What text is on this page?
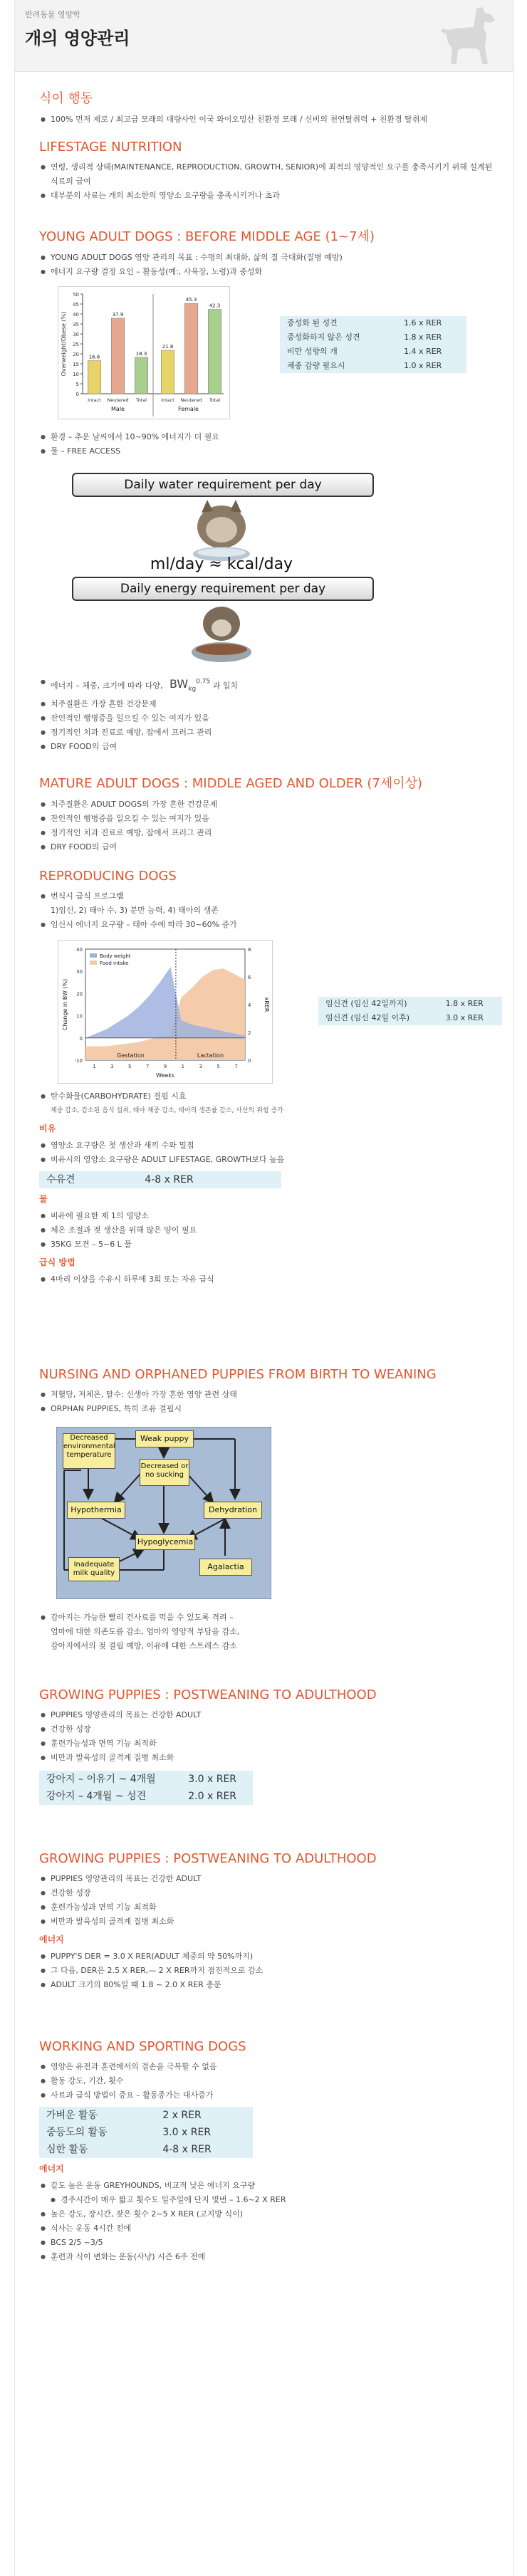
반려동물 영양학
개의 영양관리
식이 행동
● 100% 먼저 제로 / 최고급 모래의 대량사인 이국 와이오밍산 친환경 모래 / 신비의 천연탈취력 + 친환경 탈취제
LIFESTAGE NUTRITION
● 연령, 생리적 상태(MAINTENANCE, REPRODUCTION, GROWTH, SENIOR)에 최적의 영양적인 요구를 충족시키기 위해 설계된 식료의 급여
● 대부분의 사료는 개의 최소한의 영양소 요구량을 충족시키거나 초과
YOUNG ADULT DOGS : BEFORE MIDDLE AGE (1~7세)
● YOUNG ADULT DOGS 영양 관리의 목표 : 수명의 최대화, 삶의 질 극대화(질병 예방)
● 에너지 요구량 결정 요인 – 활동성(예:, 사육장, 노령)과 중성화
0
5
10
15
20
25
30
35
40
45
50
Overweight/Obese (%)	16.6
Intact
37.9
Neutered
18.3
Total
21.8
Intact
45.3
Neutered
42.3
Total
Male	Female
중성화 된 성견	1.6 x RER
중성화하지 않은 성견	1.8 x RER
비만 성향의 개	1.4 x RER
체중 감량 필요시	1.0 x RER
● 환경 – 추운 날씨에서 10~90% 에너지가 더 필요
● 물 – FREE ACCESS
Daily water requirement per day
ml/day ≈ kcal/day
Daily energy requirement per day
● 에너지 – 체중, 크기에 따라 다양, $BW_{kg}^{0.75}$ 과 일치
● 치주질환은 가장 흔한 건강문제
● 잔인적인 행병증을 일으킬 수 있는 여지가 있음
● 정기적인 치과 진료로 예방, 잡에서 프러그 관리
● DRY FOOD의 급여
MATURE ADULT DOGS : MIDDLE AGED AND OLDER (7세이상)
● 치주질환은 ADULT DOGS의 가장 흔한 건강문제
● 잔인적인 행병증을 일으킬 수 있는 여지가 있음
● 정기적인 치과 진료로 예방, 잡에서 프러그 관리
● DRY FOOD의 급여
REPRODUCING DOGS
● 번식시 급식 프로그램
1)임신, 2) 태아 수, 3) 분만 능력, 4) 태아의 생존
● 임신시 에너지 요구량 – 태아 수에 따라 30~60% 증가
Gestation	Lactation
-10
0
10
20
30
40
0
2
4
6
8
1	3	5	7	9	1	3	5	7
Weeks
Change in BW (%)	xRER
Body weight
Food intake
임신견 (임신 42일까지)	1.8 x RER
임신견 (임신 42일 이후)	3.0 x RER
● 탄수화물(CARBOHYDRATE) 결핍 시효
체중 감소, 감소된 음식 섭취, 태아 체중 감소, 태아의 생존률 감소, 사산의 위험 증가
비유
● 영양소 요구량은 첫 생산과 새끼 수와 밀접
● 비유시의 영양소 요구량은 ADULT LIFESTAGE, GROWTH보다 높음
수유견	4-8 x RER
물
● 비유에 필요한 제 1의 영양소
● 체온 조절과 젖 생산을 위해 많은 양이 필요
● 35KG 모견 – 5~6 L 물
급식 방법
● 4마리 이상을 수유시 하루에 3회 또는 자유 급식
NURSING AND ORPHANED PUPPIES FROM BIRTH TO WEANING
● 저혈당, 저체온, 탈수: 신생아 가장 흔한 영양 관련 상태
● ORPHAN PUPPIES, 특히 조유 결핍시
Decreased environmental temperature
Weak puppy
Decreased or no sucking
Hypothermia	Dehydration
Hypoglycemia
Inadequate milk quality
Agalactia
● 감아지는 가능한 빨리 건사료를 먹을 수 있도록 격려 –
엄마에 대한 의존도를 감소, 엄마의 영양적 부담을 감소,
감아지에서의 젖 결핍 예방, 이유에 대한 스트레스 감소
GROWING PUPPIES : POSTWEANING TO ADULTHOOD
● PUPPIES 영양관리의 목표는 건강한 ADULT
● 건강한 성장
● 훈련가능성과 면역 기능 최적화
● 비만과 발육성의 골격계 질병 최소화
강아지 – 이유기 ~ 4개월	3.0 x RER
강아지 – 4개월 ~ 성견	2.0 x RER
GROWING PUPPIES : POSTWEANING TO ADULTHOOD
● PUPPIES 영양관리의 목표는 건강한 ADULT
● 건강한 성장
● 훈련가능성과 면역 기능 최적화
● 비만과 발육성의 골격계 질병 최소화
에너지
● PUPPY'S DER = 3.0 X RER(ADULT 체중의 약 50%까지)
● 그 다음, DER은 2.5 X RER,— 2 X RER까지 점진적으로 감소
● ADULT 크기의 80%일 때 1.8 ~ 2.0 X RER 충분
WORKING AND SPORTING DOGS
● 영양은 유전과 훈련에서의 결손을 극복할 수 없음
● 활동 강도, 기간, 횟수
● 사료과 급식 방법이 중요 – 활동종가는 대사증가
가벼운 활동	2 x RER
중등도의 활동	3.0 x RER
심한 활동	4-8 x RER
에너지
● 같도 높은 운동 GREYHOUNDS, 비교적 낮은 에너지 요구량
● 경주시간이 매우 짧고 횟수도 일주일에 단지 몇번 – 1.6~2 X RER
● 높은 강도, 장시간, 잦은 횟수 2~5 X RER (고지방 식이)
● 식사는 운동 4시간 전에
● BCS 2/5 ~3/5
● 훈련과 식이 변화는 운동(사냥) 시즌 6주 전에
